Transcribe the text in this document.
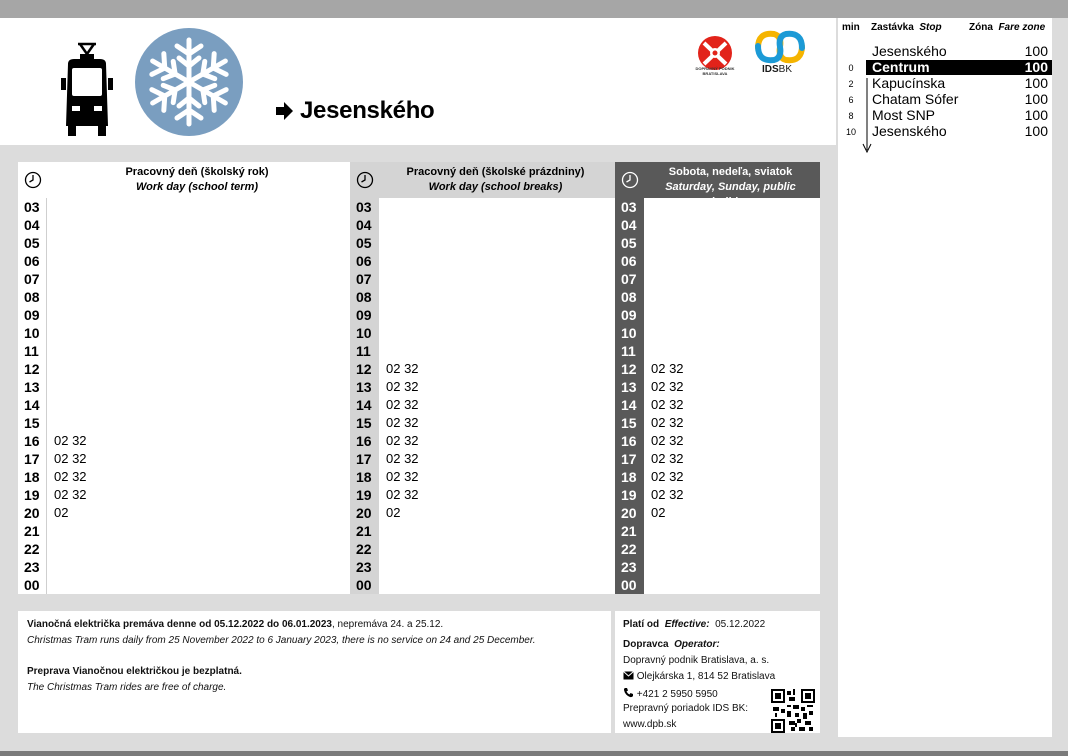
Jesenského
DOPRAVNÝ PODNIK BRATISLAVA	IDSBK
Pracovný deň (školský rok)
Work day (school term)
03
04
05
06
07
08
09
10
11
12
13
14
15
16	02 32
17	02 32
18	02 32
19	02 32
20	02
21
22
23
00
Pracovný deň (školské prázdniny)
Work day (school breaks)
03
04
05
06
07
08
09
10
11
12	02 32
13	02 32
14	02 32
15	02 32
16	02 32
17	02 32
18	02 32
19	02 32
20	02
21
22
23
00
Sobota, nedeľa, sviatok
Saturday, Sunday, public
03
04
05
06
07
08
09
10
11
12	02 32
13	02 32
14	02 32
15	02 32
16	02 32
17	02 32
18	02 32
19	02 32
20	02
21
22
23
00
Vianočná električka premáva denne od 05.12.2022 do 06.01.2023, nepremáva 24. a 25.12.
Christmas Tram runs daily from 25 November 2022 to 6 January 2023, there is no service on 24 and 25 December.
Preprava Vianočnou električkou je bezplatná.
The Christmas Tram rides are free of charge.
Platí od Effective: 05.12.2022
Dopravca Operator:
Dopravný podnik Bratislava, a. s.
Olejkárska 1, 814 52 Bratislava
+421 2 5950 5950
Prepravný poriadok IDS BK:
www.dpb.sk
min Zastávka Stop	Zóna Fare zone
Jesenského	100
0	Centrum	100
2	Kapucínska	100
6	Chatam Sófer	100
8	Most SNP	100
10 Jesenského	100
